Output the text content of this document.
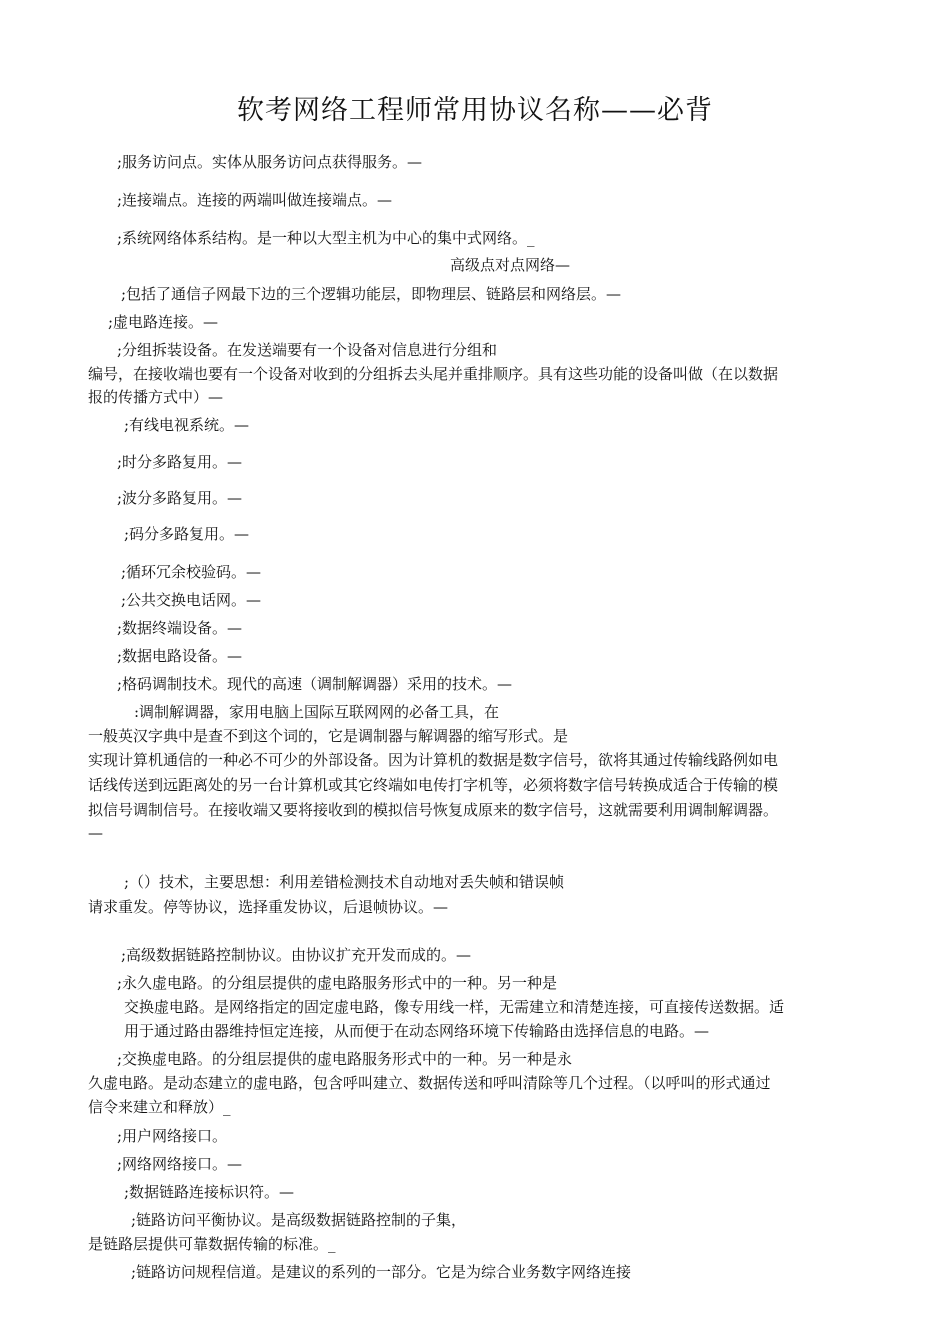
软考网络工程师常用协议名称——必背

;服务访问点。实体从服务访问点获得服务。—

;连接端点。连接的两端叫做连接端点。—

;系统网络体系结构。是一种以大型主机为中心的集中式网络。_

高级点对点网络—

;包括了通信子网最下边的三个逻辑功能层，即物理层、链路层和网络层。—

;虚电路连接。—

;分组拆装设备。在发送端要有一个设备对信息进行分组和

编号，在接收端也要有一个设备对收到的分组拆去头尾并重排顺序。具有这些功能的设备叫做（在以数据

报的传播方式中）—

;有线电视系统。—

;时分多路复用。—

;波分多路复用。—

;码分多路复用。—

;循环冗余校验码。—

;公共交换电话网。—

;数据终端设备。—

;数据电路设备。—

;格码调制技术。现代的高速（调制解调器）采用的技术。—

:调制解调器，家用电脑上国际互联网网的必备工具，在

一般英汉字典中是查不到这个词的，它是调制器与解调器的缩写形式。是

实现计算机通信的一种必不可少的外部设备。因为计算机的数据是数字信号，欲将其通过传输线路例如电

话线传送到远距离处的另一台计算机或其它终端如电传打字机等，必须将数字信号转换成适合于传输的模

拟信号调制信号。在接收端又要将接收到的模拟信号恢复成原来的数字信号，这就需要利用调制解调器。

—

;（）技术，主要思想：利用差错检测技术自动地对丢失帧和错误帧

请求重发。停等协议，选择重发协议，后退帧协议。—

;高级数据链路控制协议。由协议扩充开发而成的。—

;永久虚电路。的分组层提供的虚电路服务形式中的一种。另一种是

交换虚电路。是网络指定的固定虚电路，像专用线一样，无需建立和清楚连接，可直接传送数据。适

用于通过路由器维持恒定连接，从而便于在动态网络环境下传输路由选择信息的电路。—

;交换虚电路。的分组层提供的虚电路服务形式中的一种。另一种是永

久虚电路。是动态建立的虚电路，包含呼叫建立、数据传送和呼叫清除等几个过程。（以呼叫的形式通过

信令来建立和释放）_

;用户网络接口。

;网络网络接口。—

;数据链路连接标识符。—

;链路访问平衡协议。是高级数据链路控制的子集，

是链路层提供可靠数据传输的标准。_

;链路访问规程信道。是建议的系列的一部分。它是为综合业务数字网络连接
